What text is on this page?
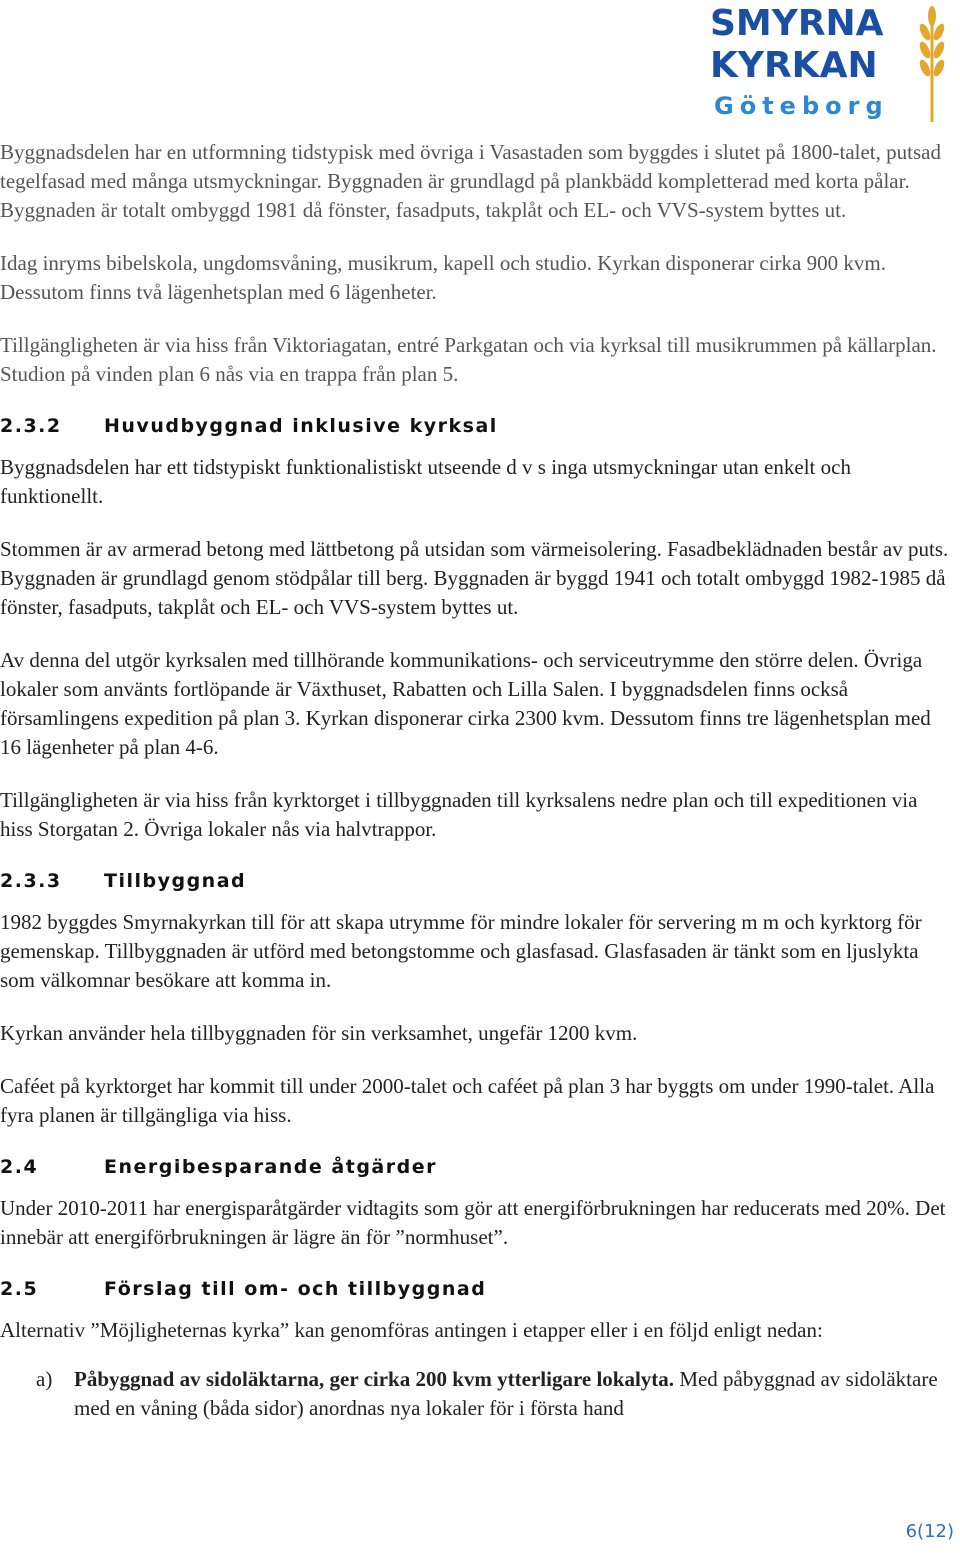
SMYRNA
KYRKAN
Göteborg

Byggnadsdelen har en utformning tidstypisk med övriga i Vasastaden som byggdes i slutet på 1800-talet, putsad tegelfasad med många utsmyckningar. Byggnaden är grundlagd på plankbädd kompletterad med korta pålar. Byggnaden är totalt ombyggd 1981 då fönster, fasadputs, takplåt och EL- och VVS-system byttes ut.

Idag inryms bibelskola, ungdomsvåning, musikrum, kapell och studio. Kyrkan disponerar cirka 900 kvm. Dessutom finns två lägenhetsplan med 6 lägenheter.

Tillgängligheten är via hiss från Viktoriagatan, entré Parkgatan och via kyrksal till musikrummen på källarplan. Studion på vinden plan 6 nås via en trappa från plan 5.

2.3.2	Huvudbyggnad inklusive kyrksal

Byggnadsdelen har ett tidstypiskt funktionalistiskt utseende d v s inga utsmyckningar utan enkelt och funktionellt.

Stommen är av armerad betong med lättbetong på utsidan som värmeisolering. Fasadbeklädnaden består av puts. Byggnaden är grundlagd genom stödpålar till berg. Byggnaden är byggd 1941 och totalt ombyggd 1982-1985 då fönster, fasadputs, takplåt och EL- och VVS-system byttes ut.

Av denna del utgör kyrksalen med tillhörande kommunikations- och serviceutrymme den större delen. Övriga lokaler som använts fortlöpande är Växthuset, Rabatten och Lilla Salen. I byggnadsdelen finns också församlingens expedition på plan 3. Kyrkan disponerar cirka 2300 kvm. Dessutom finns tre lägenhetsplan med 16 lägenheter på plan 4-6.

Tillgängligheten är via hiss från kyrktorget i tillbyggnaden till kyrksalens nedre plan och till expeditionen via hiss Storgatan 2. Övriga lokaler nås via halvtrappor.

2.3.3	Tillbyggnad

1982 byggdes Smyrnakyrkan till för att skapa utrymme för mindre lokaler för servering m m och kyrktorg för gemenskap. Tillbyggnaden är utförd med betongstomme och glasfasad. Glasfasaden är tänkt som en ljuslykta som välkomnar besökare att komma in.

Kyrkan använder hela tillbyggnaden för sin verksamhet, ungefär 1200 kvm.

Caféet på kyrktorget har kommit till under 2000-talet och caféet på plan 3 har byggts om under 1990-talet. Alla fyra planen är tillgängliga via hiss.

2.4	Energibesparande åtgärder

Under 2010-2011 har energisparåtgärder vidtagits som gör att energiförbrukningen har reducerats med 20%. Det innebär att energiförbrukningen är lägre än för ”normhuset”.

2.5	Förslag till om- och tillbyggnad

Alternativ ”Möjligheternas kyrka” kan genomföras antingen i etapper eller i en följd enligt nedan:

a)	Påbyggnad av sidoläktarna, ger cirka 200 kvm ytterligare lokalyta. Med påbyggnad av sidoläktare med en våning (båda sidor) anordnas nya lokaler för i första hand

6(12)
